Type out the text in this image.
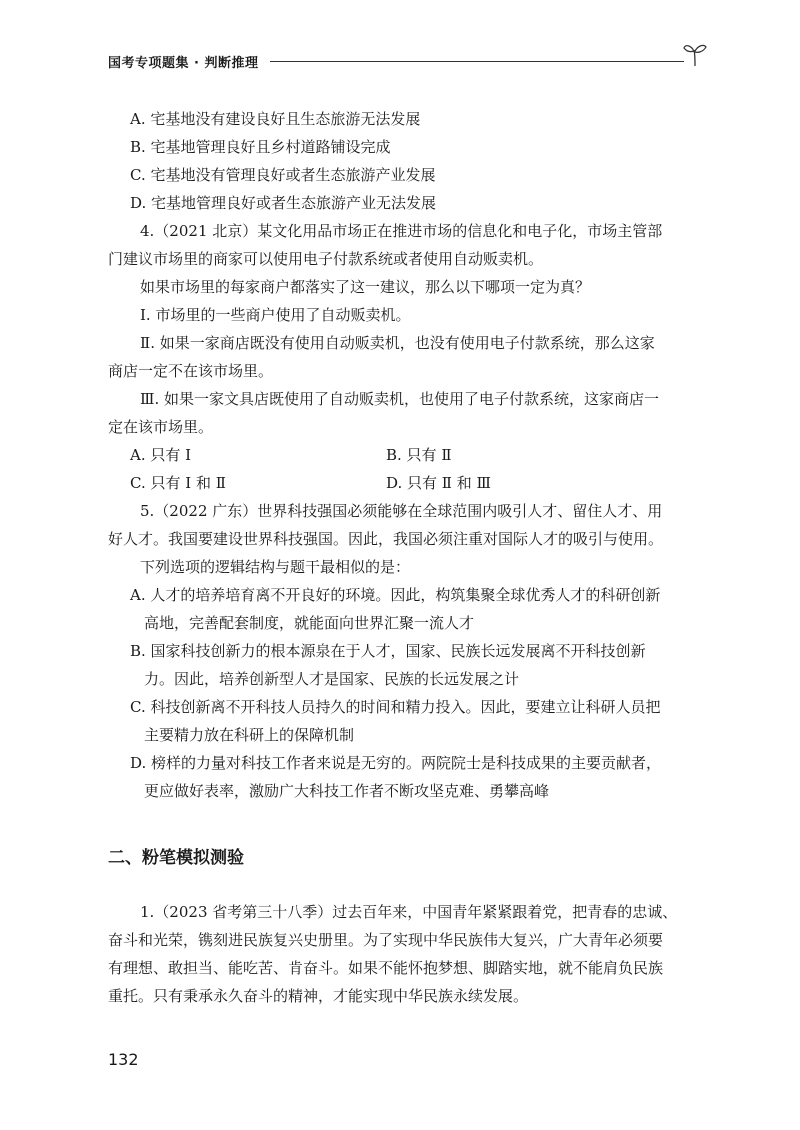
国考专项题集 · 判断推理
A. 宅基地没有建设良好且生态旅游无法发展
B. 宅基地管理良好且乡村道路铺设完成
C. 宅基地没有管理良好或者生态旅游产业发展
D. 宅基地管理良好或者生态旅游产业无法发展
4.（2021 北京）某文化用品市场正在推进市场的信息化和电子化，市场主管部
门建议市场里的商家可以使用电子付款系统或者使用自动贩卖机。
如果市场里的每家商户都落实了这一建议，那么以下哪项一定为真？
Ⅰ. 市场里的一些商户使用了自动贩卖机。
Ⅱ. 如果一家商店既没有使用自动贩卖机，也没有使用电子付款系统，那么这家
商店一定不在该市场里。
Ⅲ. 如果一家文具店既使用了自动贩卖机，也使用了电子付款系统，这家商店一
定在该市场里。
A. 只有 Ⅰ	B. 只有 Ⅱ
C. 只有 Ⅰ 和 Ⅱ	D. 只有 Ⅱ 和 Ⅲ
5.（2022 广东）世界科技强国必须能够在全球范围内吸引人才、留住人才、用
好人才。我国要建设世界科技强国。因此，我国必须注重对国际人才的吸引与使用。
下列选项的逻辑结构与题干最相似的是：
A. 人才的培养培育离不开良好的环境。因此，构筑集聚全球优秀人才的科研创新
高地，完善配套制度，就能面向世界汇聚一流人才
B. 国家科技创新力的根本源泉在于人才，国家、民族长远发展离不开科技创新
力。因此，培养创新型人才是国家、民族的长远发展之计
C. 科技创新离不开科技人员持久的时间和精力投入。因此，要建立让科研人员把
主要精力放在科研上的保障机制
D. 榜样的力量对科技工作者来说是无穷的。两院院士是科技成果的主要贡献者，
更应做好表率，激励广大科技工作者不断攻坚克难、勇攀高峰
二、粉笔模拟测验
1.（2023 省考第三十八季）过去百年来，中国青年紧紧跟着党，把青春的忠诚、
奋斗和光荣，镌刻进民族复兴史册里。为了实现中华民族伟大复兴，广大青年必须要
有理想、敢担当、能吃苦、肯奋斗。如果不能怀抱梦想、脚踏实地，就不能肩负民族
重托。只有秉承永久奋斗的精神，才能实现中华民族永续发展。
132
